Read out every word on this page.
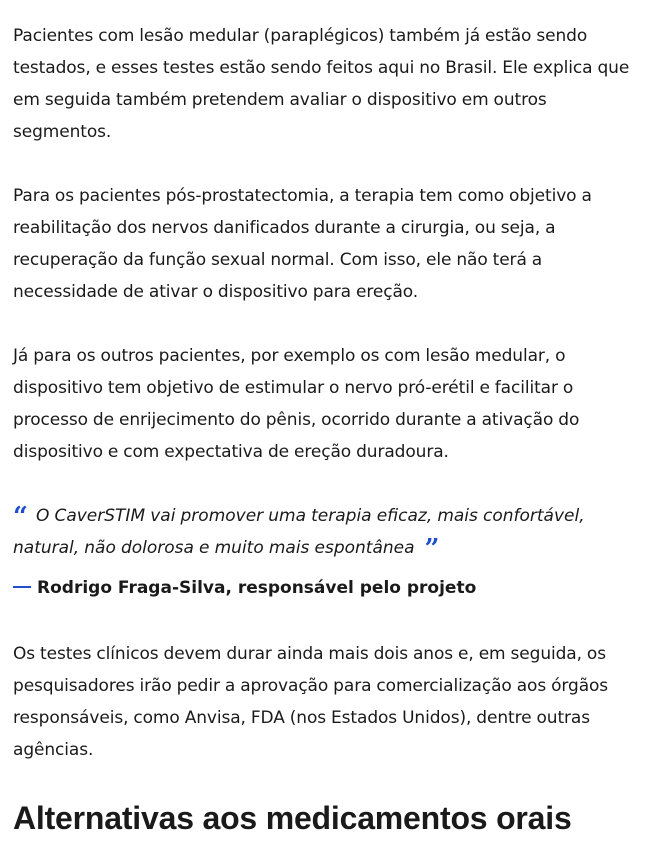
Pacientes com lesão medular (paraplégicos) também já estão sendo testados, e esses testes estão sendo feitos aqui no Brasil. Ele explica que em seguida também pretendem avaliar o dispositivo em outros segmentos.

Para os pacientes pós-prostatectomia, a terapia tem como objetivo a reabilitação dos nervos danificados durante a cirurgia, ou seja, a recuperação da função sexual normal. Com isso, ele não terá a necessidade de ativar o dispositivo para ereção.

Já para os outros pacientes, por exemplo os com lesão medular, o dispositivo tem objetivo de estimular o nervo pró-erétil e facilitar o processo de enrijecimento do pênis, ocorrido durante a ativação do dispositivo e com expectativa de ereção duradoura.

“ O CaverSTIM vai promover uma terapia eficaz, mais confortável, natural, não dolorosa e muito mais espontânea ”

Rodrigo Fraga-Silva, responsável pelo projeto

Os testes clínicos devem durar ainda mais dois anos e, em seguida, os pesquisadores irão pedir a aprovação para comercialização aos órgãos responsáveis, como Anvisa, FDA (nos Estados Unidos), dentre outras agências.

Alternativas aos medicamentos orais
